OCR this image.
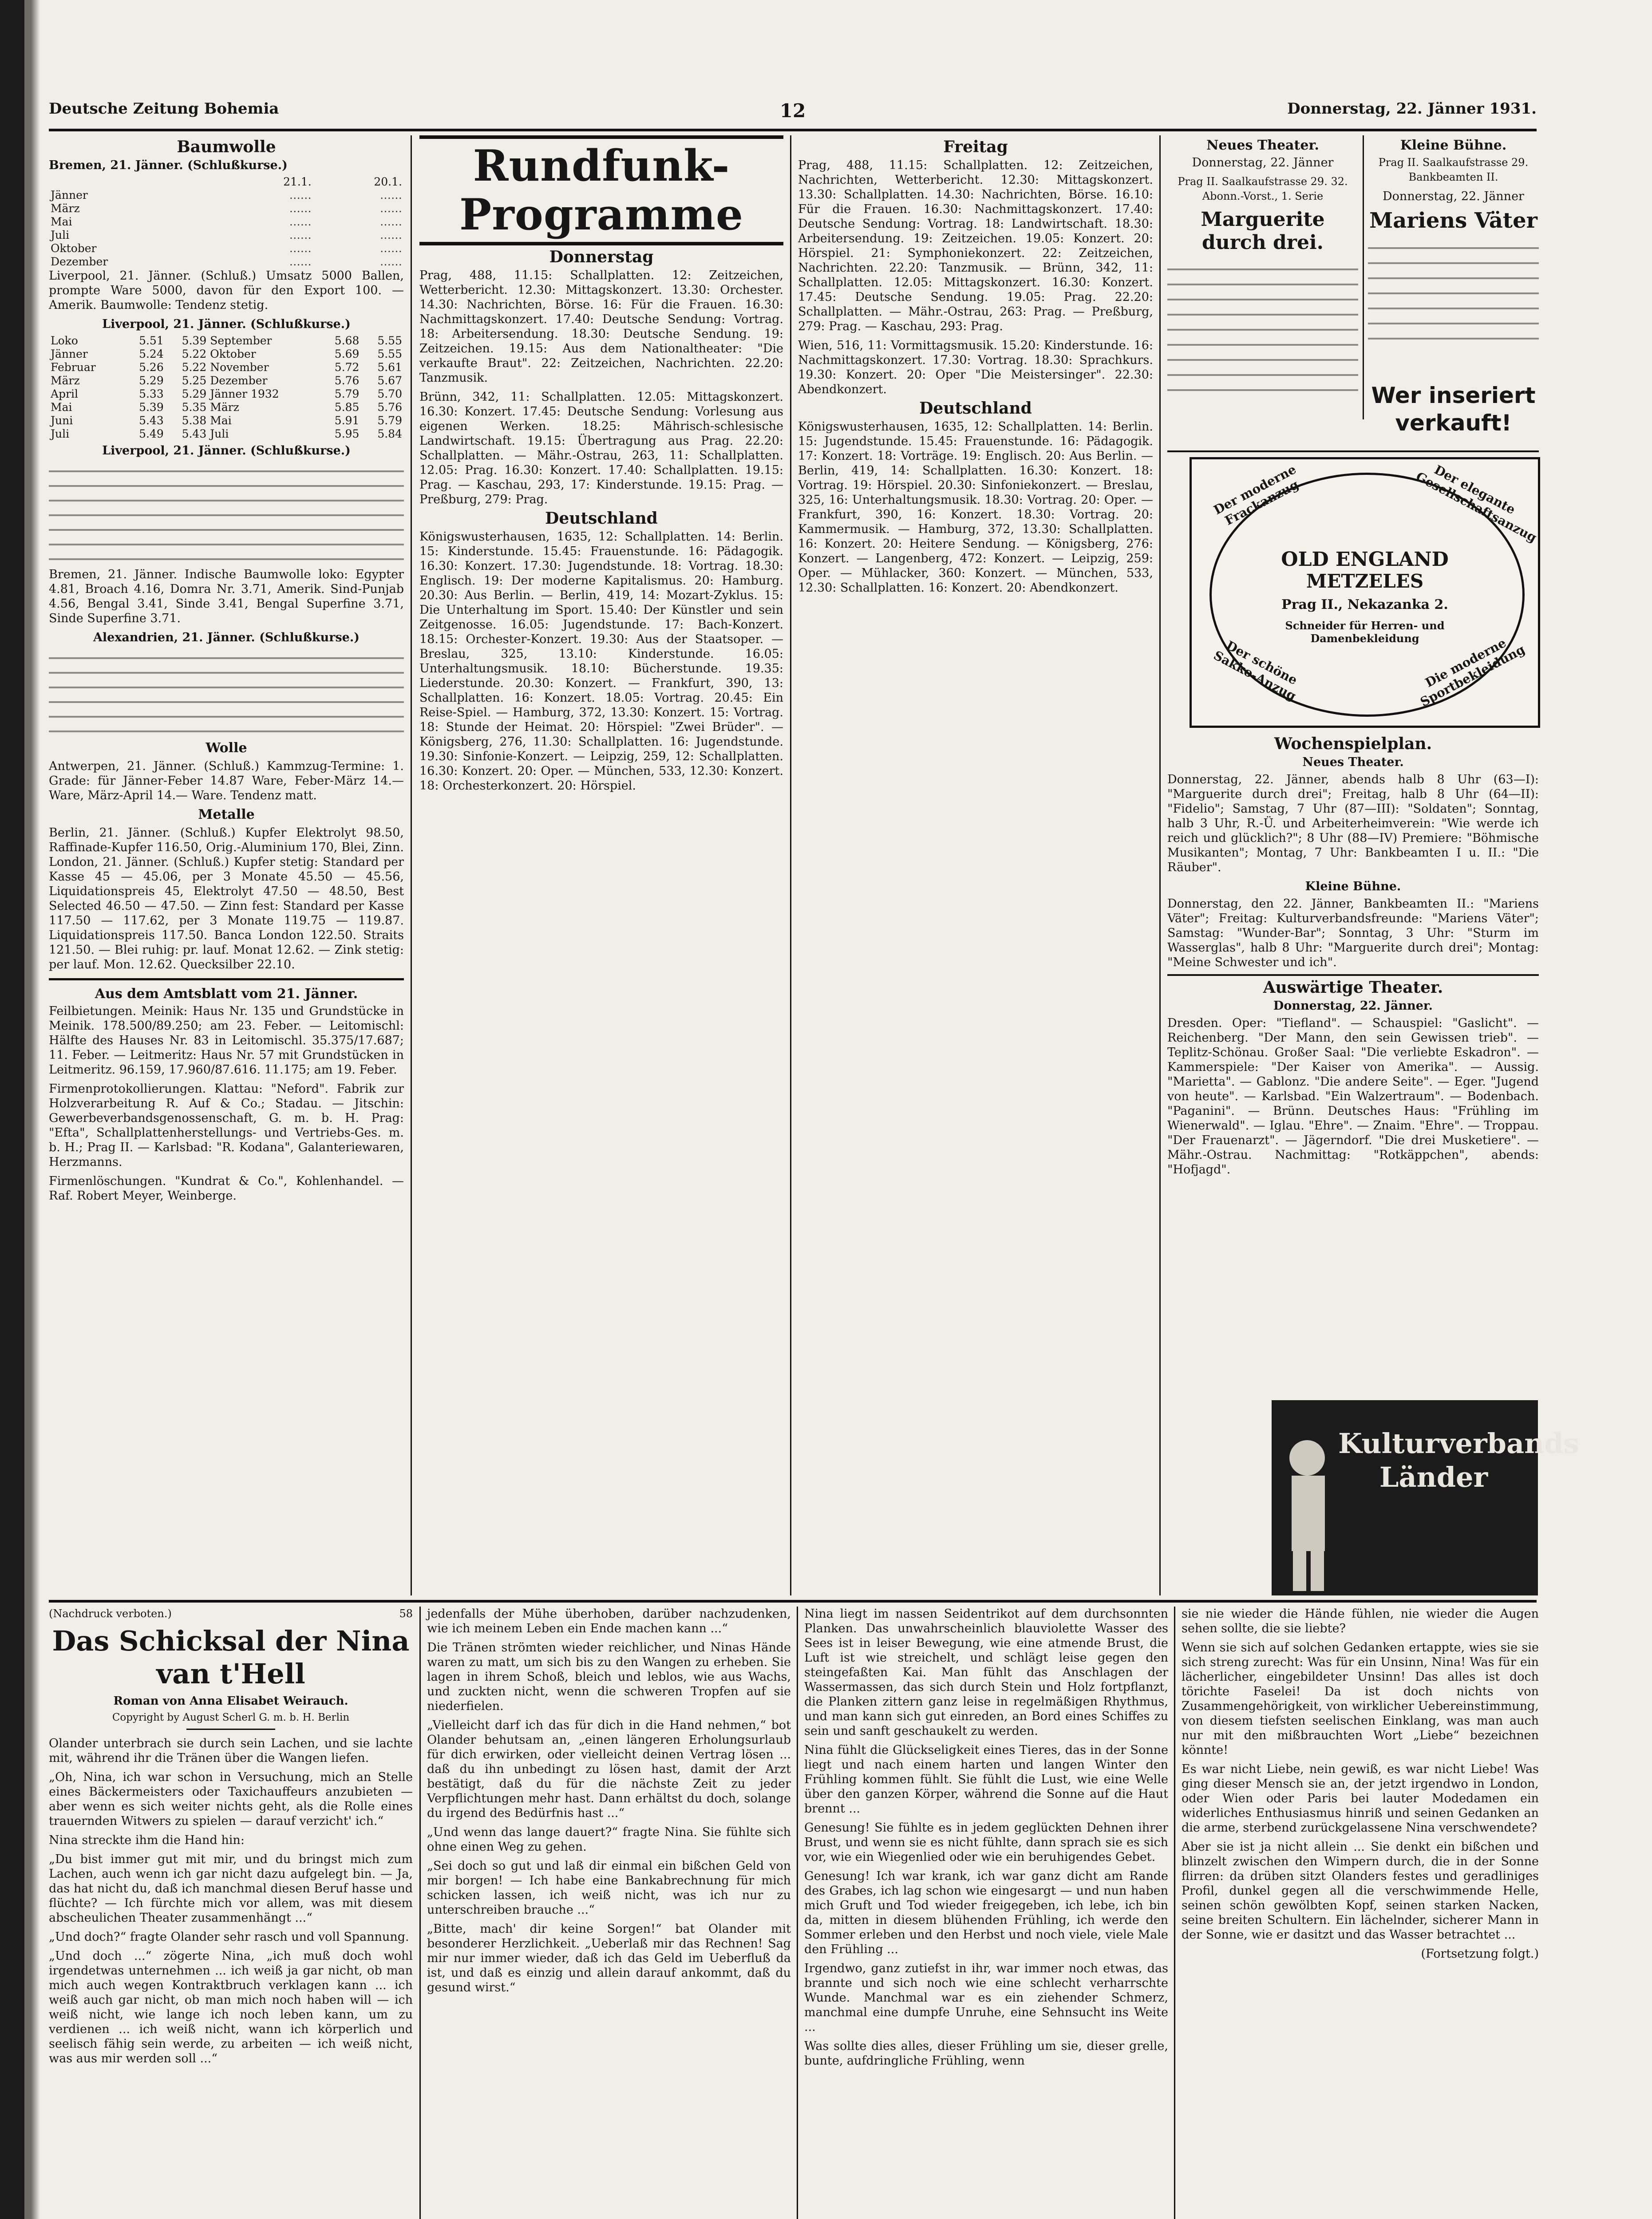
Deutsche Zeitung Bohemia	12	Donnerstag, 22. Jänner 1931.
Baumwolle
Bremen, 21. Jänner. (Schlußkurse.)
	21.1.	20.1.
Jänner	……	……
März	……	……
Mai	……	……
Juli	……	……
Oktober	……	……
Dezember	……	……

Liverpool, 21. Jänner. (Schluß.) Umsatz 5000 Ballen, prompte Ware 5000, davon für den Export 100. — Amerik. Baumwolle: Tendenz stetig.

Liverpool, 21. Jänner. (Schlußkurse.)
Loko	5.51	5.39	September	5.68	5.55
Jänner	5.24	5.22	Oktober	5.69	5.55
Februar	5.26	5.22	November	5.72	5.61
März	5.29	5.25	Dezember	5.76	5.67
April	5.33	5.29	Jänner 1932	5.79	5.70
Mai	5.39	5.35	März	5.85	5.76
Juni	5.43	5.38	Mai	5.91	5.79
Juli	5.49	5.43	Juli	5.95	5.84
Liverpool, 21. Jänner. (Schlußkurse.)

Bremen, 21. Jänner. Indische Baumwolle loko: Egypter 4.81, Broach 4.16, Domra Nr. 3.71, Amerik. Sind-Punjab 4.56, Bengal 3.41, Sinde 3.41, Bengal Superfine 3.71, Sinde Superfine 3.71.

Alexandrien, 21. Jänner. (Schlußkurse.)

Wolle

Antwerpen, 21. Jänner. (Schluß.) Kammzug-Termine: 1. Grade: für Jänner-Feber 14.87 Ware, Feber-März 14.— Ware, März-April 14.— Ware. Tendenz matt.

Metalle

Berlin, 21. Jänner. (Schluß.) Kupfer Elektrolyt 98.50, Raffinade-Kupfer 116.50, Orig.-Aluminium 170, Blei, Zinn. London, 21. Jänner. (Schluß.) Kupfer stetig: Standard per Kasse 45 — 45.06, per 3 Monate 45.50 — 45.56, Liquidationspreis 45, Elektrolyt 47.50 — 48.50, Best Selected 46.50 — 47.50. — Zinn fest: Standard per Kasse 117.50 — 117.62, per 3 Monate 119.75 — 119.87. Liquidationspreis 117.50. Banca London 122.50. Straits 121.50. — Blei ruhig: pr. lauf. Monat 12.62. — Zink stetig: per lauf. Mon. 12.62. Quecksilber 22.10.

Aus dem Amtsblatt vom 21. Jänner.

Feilbietungen. Meinik: Haus Nr. 135 und Grundstücke in Meinik. 178.500/89.250; am 23. Feber. — Leitomischl: Hälfte des Hauses Nr. 83 in Leitomischl. 35.375/17.687; 11. Feber. — Leitmeritz: Haus Nr. 57 mit Grundstücken in Leitmeritz. 96.159, 17.960/87.616. 11.175; am 19. Feber.

Firmenprotokollierungen. Klattau: "Neford". Fabrik zur Holzverarbeitung R. Auf & Co.; Stadau. — Jitschin: Gewerbeverbandsgenossenschaft, G. m. b. H. Prag: "Efta", Schallplattenherstellungs- und Vertriebs-Ges. m. b. H.; Prag II. — Karlsbad: "R. Kodana", Galanteriewaren, Herzmanns.

Firmenlöschungen. "Kundrat & Co.", Kohlenhandel. — Raf. Robert Meyer, Weinberge.

Rundfunk-Programme
Donnerstag

Prag, 488, 11.15: Schallplatten. 12: Zeitzeichen, Wetterbericht. 12.30: Mittagskonzert. 13.30: Orchester. 14.30: Nachrichten, Börse. 16: Für die Frauen. 16.30: Nachmittagskonzert. 17.40: Deutsche Sendung: Vortrag. 18: Arbeitersendung. 18.30: Deutsche Sendung. 19: Zeitzeichen. 19.15: Aus dem Nationaltheater: "Die verkaufte Braut". 22: Zeitzeichen, Nachrichten. 22.20: Tanzmusik.

Brünn, 342, 11: Schallplatten. 12.05: Mittagskonzert. 16.30: Konzert. 17.45: Deutsche Sendung: Vorlesung aus eigenen Werken. 18.25: Mährisch-schlesische Landwirtschaft. 19.15: Übertragung aus Prag. 22.20: Schallplatten. — Mähr.-Ostrau, 263, 11: Schallplatten. 12.05: Prag. 16.30: Konzert. 17.40: Schallplatten. 19.15: Prag. — Kaschau, 293, 17: Kinderstunde. 19.15: Prag. — Preßburg, 279: Prag.

Deutschland

Königswusterhausen, 1635, 12: Schallplatten. 14: Berlin. 15: Kinderstunde. 15.45: Frauenstunde. 16: Pädagogik. 16.30: Konzert. 17.30: Jugendstunde. 18: Vortrag. 18.30: Englisch. 19: Der moderne Kapitalismus. 20: Hamburg. 20.30: Aus Berlin. — Berlin, 419, 14: Mozart-Zyklus. 15: Die Unterhaltung im Sport. 15.40: Der Künstler und sein Zeitgenosse. 16.05: Jugendstunde. 17: Bach-Konzert. 18.15: Orchester-Konzert. 19.30: Aus der Staatsoper. — Breslau, 325, 13.10: Kinderstunde. 16.05: Unterhaltungsmusik. 18.10: Bücherstunde. 19.35: Liederstunde. 20.30: Konzert. — Frankfurt, 390, 13: Schallplatten. 16: Konzert. 18.05: Vortrag. 20.45: Ein Reise-Spiel. — Hamburg, 372, 13.30: Konzert. 15: Vortrag. 18: Stunde der Heimat. 20: Hörspiel: "Zwei Brüder". — Königsberg, 276, 11.30: Schallplatten. 16: Jugendstunde. 19.30: Sinfonie-Konzert. — Leipzig, 259, 12: Schallplatten. 16.30: Konzert. 20: Oper. — München, 533, 12.30: Konzert. 18: Orchesterkonzert. 20: Hörspiel.

Freitag

Prag, 488, 11.15: Schallplatten. 12: Zeitzeichen, Nachrichten, Wetterbericht. 12.30: Mittagskonzert. 13.30: Schallplatten. 14.30: Nachrichten, Börse. 16.10: Für die Frauen. 16.30: Nachmittagskonzert. 17.40: Deutsche Sendung: Vortrag. 18: Landwirtschaft. 18.30: Arbeitersendung. 19: Zeitzeichen. 19.05: Konzert. 20: Hörspiel. 21: Symphoniekonzert. 22: Zeitzeichen, Nachrichten. 22.20: Tanzmusik. — Brünn, 342, 11: Schallplatten. 12.05: Mittagskonzert. 16.30: Konzert. 17.45: Deutsche Sendung. 19.05: Prag. 22.20: Schallplatten. — Mähr.-Ostrau, 263: Prag. — Preßburg, 279: Prag. — Kaschau, 293: Prag.

Wien, 516, 11: Vormittagsmusik. 15.20: Kinderstunde. 16: Nachmittagskonzert. 17.30: Vortrag. 18.30: Sprachkurs. 19.30: Konzert. 20: Oper "Die Meistersinger". 22.30: Abendkonzert.

Deutschland

Königswusterhausen, 1635, 12: Schallplatten. 14: Berlin. 15: Jugendstunde. 15.45: Frauenstunde. 16: Pädagogik. 17: Konzert. 18: Vorträge. 19: Englisch. 20: Aus Berlin. — Berlin, 419, 14: Schallplatten. 16.30: Konzert. 18: Vortrag. 19: Hörspiel. 20.30: Sinfoniekonzert. — Breslau, 325, 16: Unterhaltungsmusik. 18.30: Vortrag. 20: Oper. — Frankfurt, 390, 16: Konzert. 18.30: Vortrag. 20: Kammermusik. — Hamburg, 372, 13.30: Schallplatten. 16: Konzert. 20: Heitere Sendung. — Königsberg, 276: Konzert. — Langenberg, 472: Konzert. — Leipzig, 259: Oper. — Mühlacker, 360: Konzert. — München, 533, 12.30: Schallplatten. 16: Konzert. 20: Abendkonzert.

Neues Theater.

Donnerstag, 22. Jänner

Prag II. Saalkaufstrasse 29. 32. Abonn.-Vorst., 1. Serie

Marguerite durch drei.

Kleine Bühne.

Prag II. Saalkaufstrasse 29. Bankbeamten II.

Donnerstag, 22. Jänner

Mariens Väter

Wer inseriert
verkauft!
Der moderne Frackanzug	Der elegante Gesellschaftsanzug
OLD ENGLAND
METZELES
Prag II., Nekazanka 2.
Schneider für Herren- und Damenbekleidung
Der schöne Sakko-Anzug	Die moderne Sportbekleidung
Wochenspielplan.
Neues Theater.

Donnerstag, 22. Jänner, abends halb 8 Uhr (63—I): "Marguerite durch drei"; Freitag, halb 8 Uhr (64—II): "Fidelio"; Samstag, 7 Uhr (87—III): "Soldaten"; Sonntag, halb 3 Uhr, R.-Ü. und Arbeiterheimverein: "Wie werde ich reich und glücklich?"; 8 Uhr (88—IV) Premiere: "Böhmische Musikanten"; Montag, 7 Uhr: Bankbeamten I u. II.: "Die Räuber".

Kleine Bühne.

Donnerstag, den 22. Jänner, Bankbeamten II.: "Mariens Väter"; Freitag: Kulturverbandsfreunde: "Mariens Väter"; Samstag: "Wunder-Bar"; Sonntag, 3 Uhr: "Sturm im Wasserglas", halb 8 Uhr: "Marguerite durch drei"; Montag: "Meine Schwester und ich".

Auswärtige Theater.
Donnerstag, 22. Jänner.

Dresden. Oper: "Tiefland". — Schauspiel: "Gaslicht". — Reichenberg. "Der Mann, den sein Gewissen trieb". — Teplitz-Schönau. Großer Saal: "Die verliebte Eskadron". — Kammerspiele: "Der Kaiser von Amerika". — Aussig. "Marietta". — Gablonz. "Die andere Seite". — Eger. "Jugend von heute". — Karlsbad. "Ein Walzertraum". — Bodenbach. "Paganini". — Brünn. Deutsches Haus: "Frühling im Wienerwald". — Iglau. "Ehre". — Znaim. "Ehre". — Troppau. "Der Frauenarzt". — Jägerndorf. "Die drei Musketiere". — Mähr.-Ostrau. Nachmittag: "Rotkäppchen", abends: "Hofjagd".

Kulturverbands Länder
(Nachdruck verboten.)	58
Das Schicksal der Nina van t'Hell
Roman von Anna Elisabet Weirauch.
Copyright by August Scherl G. m. b. H. Berlin

Olander unterbrach sie durch sein Lachen, und sie lachte mit, während ihr die Tränen über die Wangen liefen.

„Oh, Nina, ich war schon in Versuchung, mich an Stelle eines Bäckermeisters oder Taxichauffeurs anzubieten — aber wenn es sich weiter nichts geht, als die Rolle eines trauernden Witwers zu spielen — darauf verzicht' ich.“

Nina streckte ihm die Hand hin:

„Du bist immer gut mit mir, und du bringst mich zum Lachen, auch wenn ich gar nicht dazu aufgelegt bin. — Ja, das hat nicht du, daß ich manchmal diesen Beruf hasse und flüchte? — Ich fürchte mich vor allem, was mit diesem abscheulichen Theater zusammenhängt ...“

„Und doch?“ fragte Olander sehr rasch und voll Spannung.

„Und doch ...“ zögerte Nina, „ich muß doch wohl irgendetwas unternehmen ... ich weiß ja gar nicht, ob man mich auch wegen Kontraktbruch verklagen kann ... ich weiß auch gar nicht, ob man mich noch haben will — ich weiß nicht, wie lange ich noch leben kann, um zu verdienen ... ich weiß nicht, wann ich körperlich und seelisch fähig sein werde, zu arbeiten — ich weiß nicht, was aus mir werden soll ...“

jedenfalls der Mühe überhoben, darüber nachzudenken, wie ich meinem Leben ein Ende machen kann ...“

Die Tränen strömten wieder reichlicher, und Ninas Hände waren zu matt, um sich bis zu den Wangen zu erheben. Sie lagen in ihrem Schoß, bleich und leblos, wie aus Wachs, und zuckten nicht, wenn die schweren Tropfen auf sie niederfielen.

„Vielleicht darf ich das für dich in die Hand nehmen,“ bot Olander behutsam an, „einen längeren Erholungsurlaub für dich erwirken, oder vielleicht deinen Vertrag lösen ... daß du ihn unbedingt zu lösen hast, damit der Arzt bestätigt, daß du für die nächste Zeit zu jeder Verpflichtungen mehr hast. Dann erhältst du doch, solange du irgend des Bedürfnis hast ...“

„Und wenn das lange dauert?“ fragte Nina. Sie fühlte sich ohne einen Weg zu gehen.

„Sei doch so gut und laß dir einmal ein bißchen Geld von mir borgen! — Ich habe eine Bankabrechnung für mich schicken lassen, ich weiß nicht, was ich nur zu unterschreiben brauche ...“

„Bitte, mach' dir keine Sorgen!“ bat Olander mit besonderer Herzlichkeit. „Ueberlaß mir das Rechnen! Sag mir nur immer wieder, daß ich das Geld im Ueberfluß da ist, und daß es einzig und allein darauf ankommt, daß du gesund wirst.“

Nina liegt im nassen Seidentrikot auf dem durchsonnten Planken. Das unwahrscheinlich blauviolette Wasser des Sees ist in leiser Bewegung, wie eine atmende Brust, die Luft ist wie streichelt, und schlägt leise gegen den steingefaßten Kai. Man fühlt das Anschlagen der Wassermassen, das sich durch Stein und Holz fortpflanzt, die Planken zittern ganz leise in regelmäßigen Rhythmus, und man kann sich gut einreden, an Bord eines Schiffes zu sein und sanft geschaukelt zu werden.

Nina fühlt die Glückseligkeit eines Tieres, das in der Sonne liegt und nach einem harten und langen Winter den Frühling kommen fühlt. Sie fühlt die Lust, wie eine Welle über den ganzen Körper, während die Sonne auf die Haut brennt ...

Genesung! Sie fühlte es in jedem geglückten Dehnen ihrer Brust, und wenn sie es nicht fühlte, dann sprach sie es sich vor, wie ein Wiegenlied oder wie ein beruhigendes Gebet.

Genesung! Ich war krank, ich war ganz dicht am Rande des Grabes, ich lag schon wie eingesargt — und nun haben mich Gruft und Tod wieder freigegeben, ich lebe, ich bin da, mitten in diesem blühenden Frühling, ich werde den Sommer erleben und den Herbst und noch viele, viele Male den Frühling ...

Irgendwo, ganz zutiefst in ihr, war immer noch etwas, das brannte und sich noch wie eine schlecht verharrschte Wunde. Manchmal war es ein ziehender Schmerz, manchmal eine dumpfe Unruhe, eine Sehnsucht ins Weite ...

Was sollte dies alles, dieser Frühling um sie, dieser grelle, bunte, aufdringliche Frühling, wenn

sie nie wieder die Hände fühlen, nie wieder die Augen sehen sollte, die sie liebte?

Wenn sie sich auf solchen Gedanken ertappte, wies sie sie sich streng zurecht: Was für ein Unsinn, Nina! Was für ein lächerlicher, eingebildeter Unsinn! Das alles ist doch törichte Faselei! Da ist doch nichts von Zusammengehörigkeit, von wirklicher Uebereinstimmung, von diesem tiefsten seelischen Einklang, was man auch nur mit den mißbrauchten Wort „Liebe“ bezeichnen könnte!

Es war nicht Liebe, nein gewiß, es war nicht Liebe! Was ging dieser Mensch sie an, der jetzt irgendwo in London, oder Wien oder Paris bei lauter Modedamen ein widerliches Enthusiasmus hinriß und seinen Gedanken an die arme, sterbend zurückgelassene Nina verschwendete?

Aber sie ist ja nicht allein ... Sie denkt ein bißchen und blinzelt zwischen den Wimpern durch, die in der Sonne flirren: da drüben sitzt Olanders festes und geradliniges Profil, dunkel gegen all die verschwimmende Helle, seinen schön gewölbten Kopf, seinen starken Nacken, seine breiten Schultern. Ein lächelnder, sicherer Mann in der Sonne, wie er dasitzt und das Wasser betrachtet ...

(Fortsetzung folgt.)
